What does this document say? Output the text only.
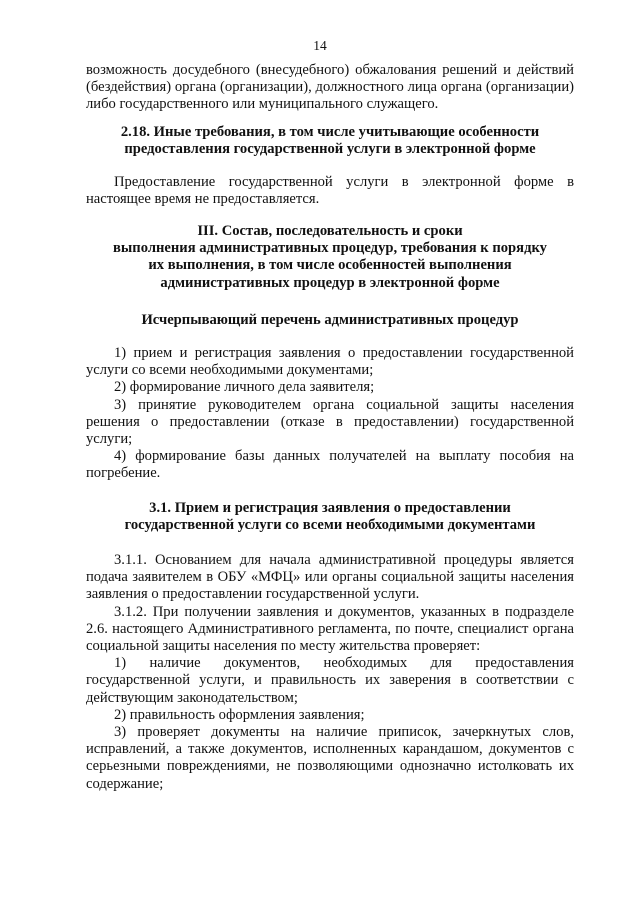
14

возможность досудебного (внесудебного) обжалования решений и действий (бездействия) органа (организации), должностного лица органа (организации) либо государственного или муниципального служащего.

2.18. Иные требования, в том числе учитывающие особенности
предоставления государственной услуги в электронной форме

Предоставление государственной услуги в электронной форме в настоящее время не предоставляется.

III. Состав, последовательность и сроки
выполнения административных процедур, требования к порядку
их выполнения, в том числе особенностей выполнения
административных процедур в электронной форме
Исчерпывающий перечень административных процедур

1) прием и регистрация заявления о предоставлении государственной услуги со всеми необходимыми документами;

2) формирование личного дела заявителя;

3) принятие руководителем органа социальной защиты населения решения о предоставлении (отказе в предоставлении) государственной услуги;

4) формирование базы данных получателей на выплату пособия на погребение.

3.1. Прием и регистрация заявления о предоставлении
государственной услуги со всеми необходимыми документами

3.1.1. Основанием для начала административной процедуры является подача заявителем в ОБУ «МФЦ» или органы социальной защиты населения заявления о предоставлении государственной услуги.

3.1.2. При получении заявления и документов, указанных в подразделе 2.6. настоящего Административного регламента, по почте, специалист органа социальной защиты населения по месту жительства проверяет:

1) наличие документов, необходимых для предоставления государственной услуги, и правильность их заверения в соответствии с действующим законодательством;

2) правильность оформления заявления;

3) проверяет документы на наличие приписок, зачеркнутых слов, исправлений, а также документов, исполненных карандашом, документов с серьезными повреждениями, не позволяющими однозначно истолковать их содержание;
